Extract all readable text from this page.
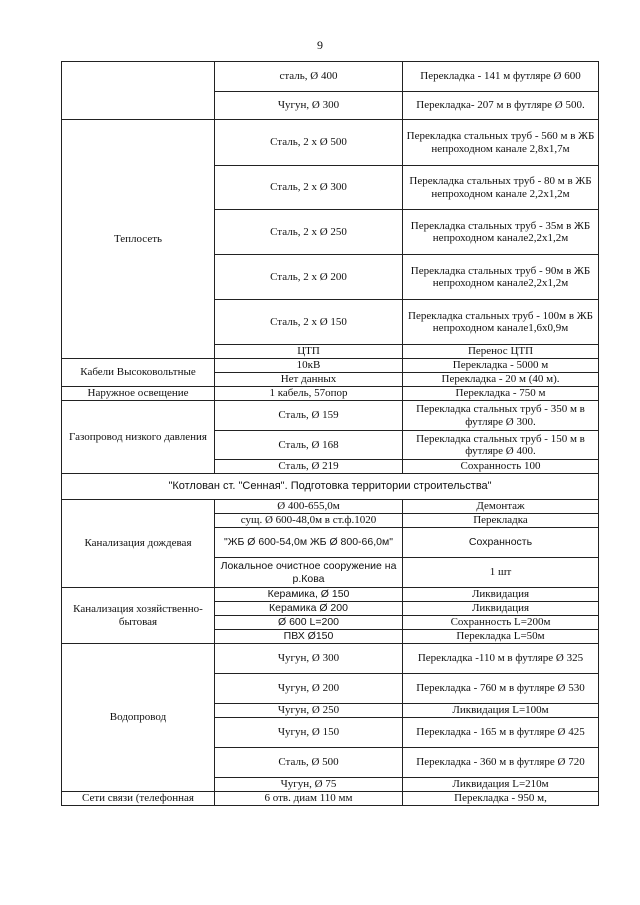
9
	сталь, Ø 400	Перекладка - 141 м футляре Ø 600
	Чугун, Ø 300	Перекладка- 207 м в футляре Ø 500.
Теплосеть	Сталь, 2 х Ø 500	Перекладка стальных труб - 560 м в ЖБ непроходном канале 2,8х1,7м
	Сталь, 2 х Ø 300	Перекладка стальных труб - 80 м в ЖБ непроходном канале 2,2х1,2м
	Сталь, 2 х Ø 250	Перекладка стальных труб - 35м в ЖБ непроходном канале2,2х1,2м
	Сталь, 2 х Ø 200	Перекладка стальных труб - 90м в ЖБ непроходном канале2,2х1,2м
	Сталь, 2 х Ø 150	Перекладка стальных труб - 100м в ЖБ непроходном канале1,6х0,9м
	ЦТП	Перенос ЦТП
Кабели Высоковольтные	10кВ	Перекладка - 5000 м
	Нет данных	Перекладка - 20 м (40 м).
Наружное освещение	1 кабель, 57опор	Перекладка - 750 м
Газопровод низкого давления	Сталь, Ø 159	Перекладка стальных труб - 350 м в футляре Ø 300.
	Сталь, Ø 168	Перекладка стальных труб - 150 м в футляре Ø 400.
	Сталь, Ø 219	Сохранность 100
"Котлован ст. "Сенная". Подготовка территории строительства"		
Канализация дождевая	Ø 400-655,0м	Демонтаж
	сущ. Ø 600-48,0м в ст.ф.1020	Перекладка
	"ЖБ Ø 600-54,0м ЖБ Ø 800-66,0м"	Сохранность
	Локальное очистное сооружение на р.Кова	1 шт
Канализация хозяйственно-бытовая	Керамика, Ø 150	Ликвидация
	Керамика Ø 200	Ликвидация
	Ø 600 L=200	Сохранность L=200м
	ПВХ Ø150	Перекладка L=50м
Водопровод	Чугун, Ø 300	Перекладка -110 м в футляре Ø 325
	Чугун, Ø 200	Перекладка - 760 м в футляре Ø 530
	Чугун, Ø 250	Ликвидация L=100м
	Чугун, Ø 150	Перекладка - 165 м в футляре Ø 425
	Сталь, Ø 500	Перекладка - 360 м в футляре Ø 720
	Чугун, Ø 75	Ликвидация L=210м
Сети связи (телефонная	6 отв. диам 110 мм	Перекладка - 950 м,
